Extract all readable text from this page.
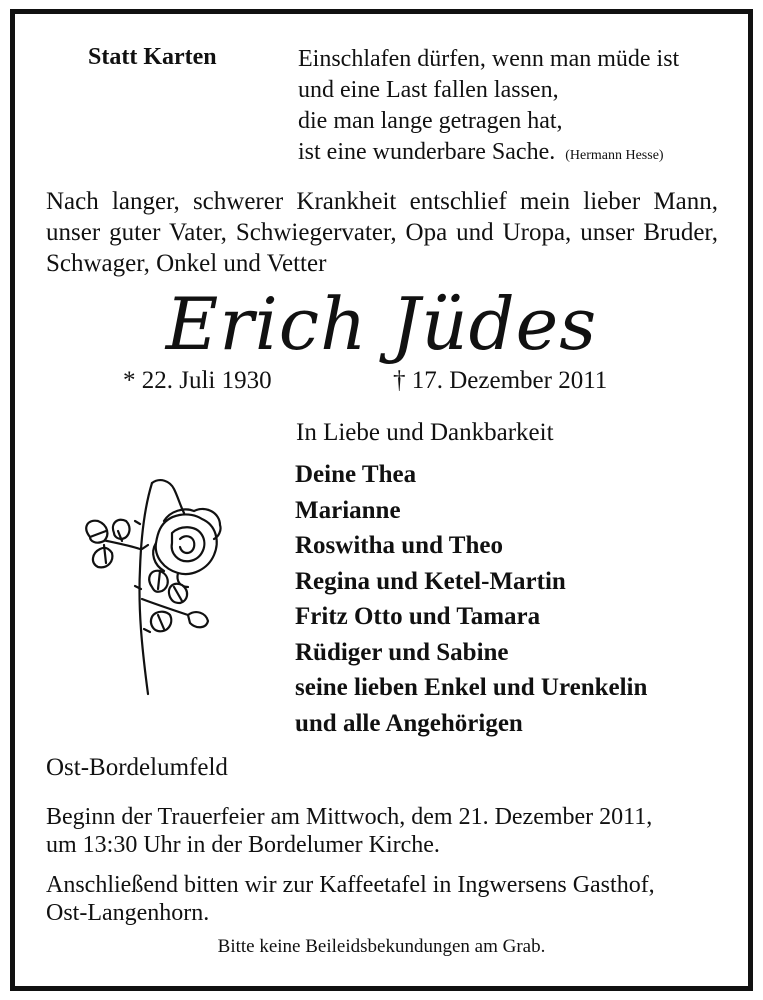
Statt Karten	Einschlafen dürfen, wenn man müde ist
und eine Last fallen lassen,
die man lange getragen hat,
ist eine wunderbare Sache. (Hermann Hesse)
Nach langer, schwerer Krankheit entschlief mein lieber Mann, unser guter Vater, Schwiegervater, Opa und Uropa, unser Bruder, Schwager, Onkel und Vetter
Erich Jüdes
* 22. Juli 1930	† 17. Dezember 2011
In Liebe und Dankbarkeit
Deine Thea
Marianne
Roswitha und Theo
Regina und Ketel-Martin
Fritz Otto und Tamara
Rüdiger und Sabine
seine lieben Enkel und Urenkelin
und alle Angehörigen
Ost-Bordelumfeld
Beginn der Trauerfeier am Mittwoch, dem 21. Dezember 2011,
um 13:30 Uhr in der Bordelumer Kirche.
Anschließend bitten wir zur Kaffeetafel in Ingwersens Gasthof,
Ost-Langenhorn.
Bitte keine Beileidsbekundungen am Grab.
